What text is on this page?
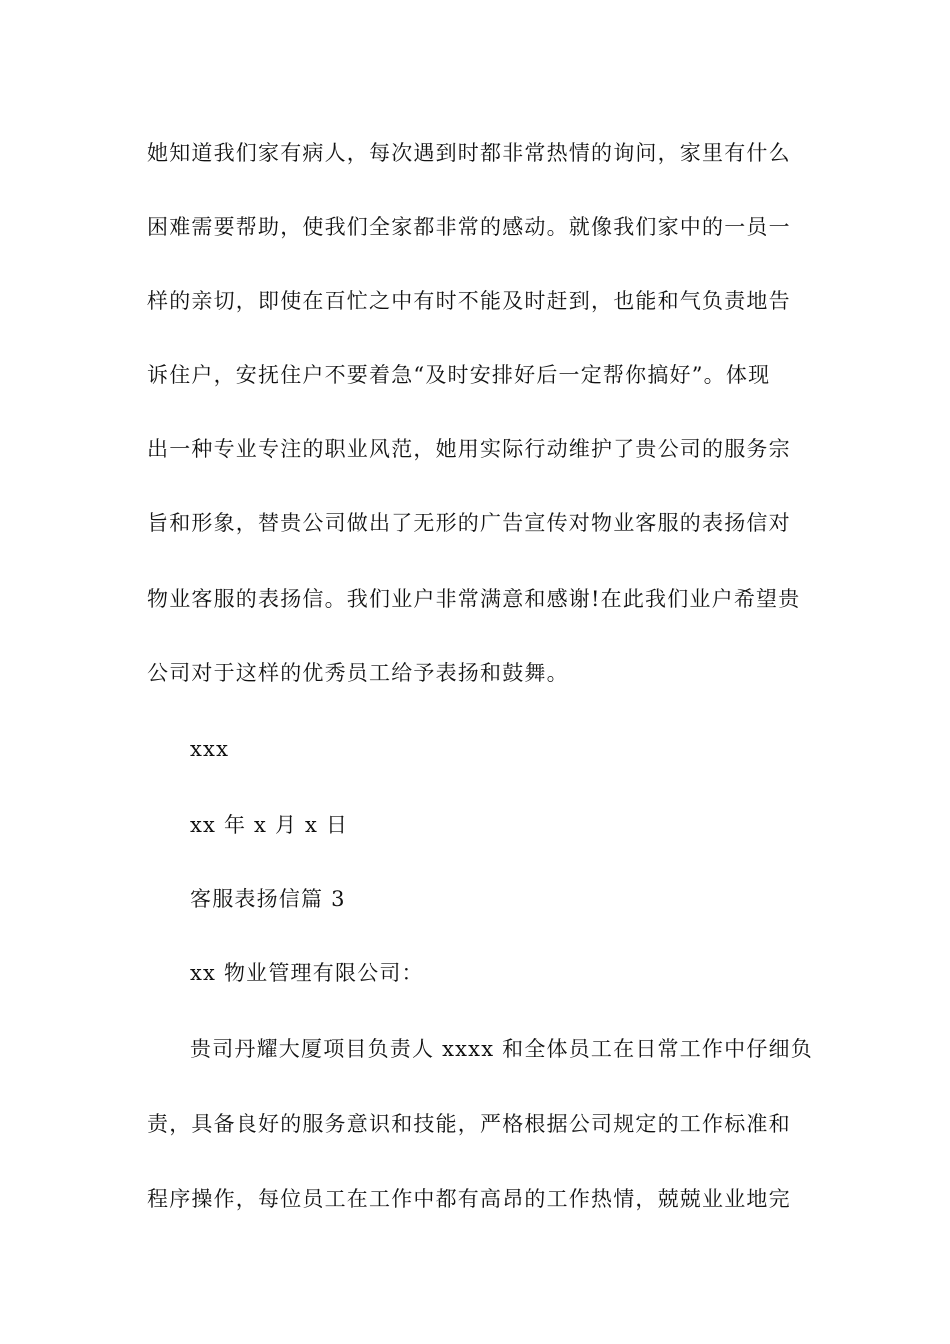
她知道我们家有病人，每次遇到时都非常热情的询问，家里有什么
困难需要帮助，使我们全家都非常的感动。就像我们家中的一员一
样的亲切，即使在百忙之中有时不能及时赶到，也能和气负责地告
诉住户，安抚住户不要着急“及时安排好后一定帮你搞好”。体现
出一种专业专注的职业风范，她用实际行动维护了贵公司的服务宗
旨和形象，替贵公司做出了无形的广告宣传对物业客服的表扬信对
物业客服的表扬信。我们业户非常满意和感谢!在此我们业户希望贵
公司对于这样的优秀员工给予表扬和鼓舞。
xxx
xx 年 x 月 x 日
客服表扬信篇 3
xx 物业管理有限公司：
贵司丹耀大厦项目负责人 xxxx 和全体员工在日常工作中仔细负
责，具备良好的服务意识和技能，严格根据公司规定的工作标准和
程序操作，每位员工在工作中都有高昂的工作热情，兢兢业业地完
